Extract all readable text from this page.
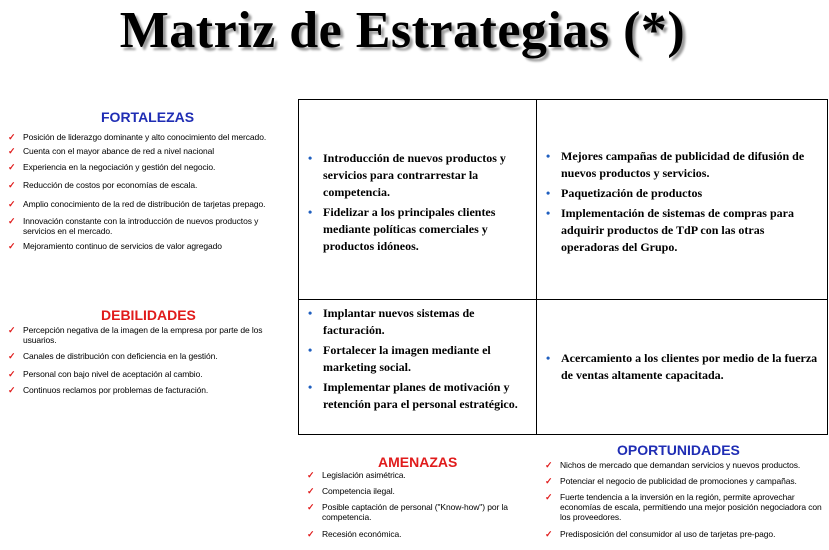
Matriz de Estrategias (*)
FORTALEZAS
✓ Posición de liderazgo dominante y alto conocimiento del mercado.
✓ Cuenta con el mayor abance de red a nivel nacional
✓ Experiencia en la negociación y gestión del negocio.
✓ Reducción de costos por economías de escala.
✓ Amplio conocimiento de la red de distribución de tarjetas prepago.
✓ Innovación constante con la introducción de nuevos productos y servicios en el mercado.
✓ Mejoramiento continuo de servicios de valor agregado
DEBILIDADES
✓ Percepción negativa de la imagen de la empresa por parte de los usuarios.
✓ Canales de distribución con deficiencia en la gestión.
✓ Personal con bajo nivel de aceptación al cambio.
✓ Continuos reclamos por problemas de facturación.
• Introducción de nuevos productos y servicios para contrarrestar la competencia.
• Fidelizar a los principales clientes mediante políticas comerciales y productos idóneos.
• Mejores campañas de publicidad de difusión de nuevos productos y servicios.
• Paquetización de productos
• Implementación de sistemas de compras para adquirir productos de TdP con las otras operadoras del Grupo.
• Implantar nuevos sistemas de facturación.
• Fortalecer la imagen mediante el marketing social.
• Implementar planes de motivación y retención para el personal estratégico.
• Acercamiento a los clientes por medio de la fuerza de ventas altamente capacitada.
AMENAZAS
✓ Legislación asimétrica.
✓ Competencia ilegal.
✓ Posible captación de personal ("Know-how") por la competencia.
✓ Recesión económica.
OPORTUNIDADES
✓ Nichos de mercado que demandan servicios y nuevos productos.
✓ Potenciar el negocio de publicidad de promociones y campañas.
✓ Fuerte tendencia a la inversión en la región, permite aprovechar economías de escala, permitiendo una mejor posición negociadora con los proveedores.
✓ Predisposición del consumidor al uso de tarjetas pre-pago.
